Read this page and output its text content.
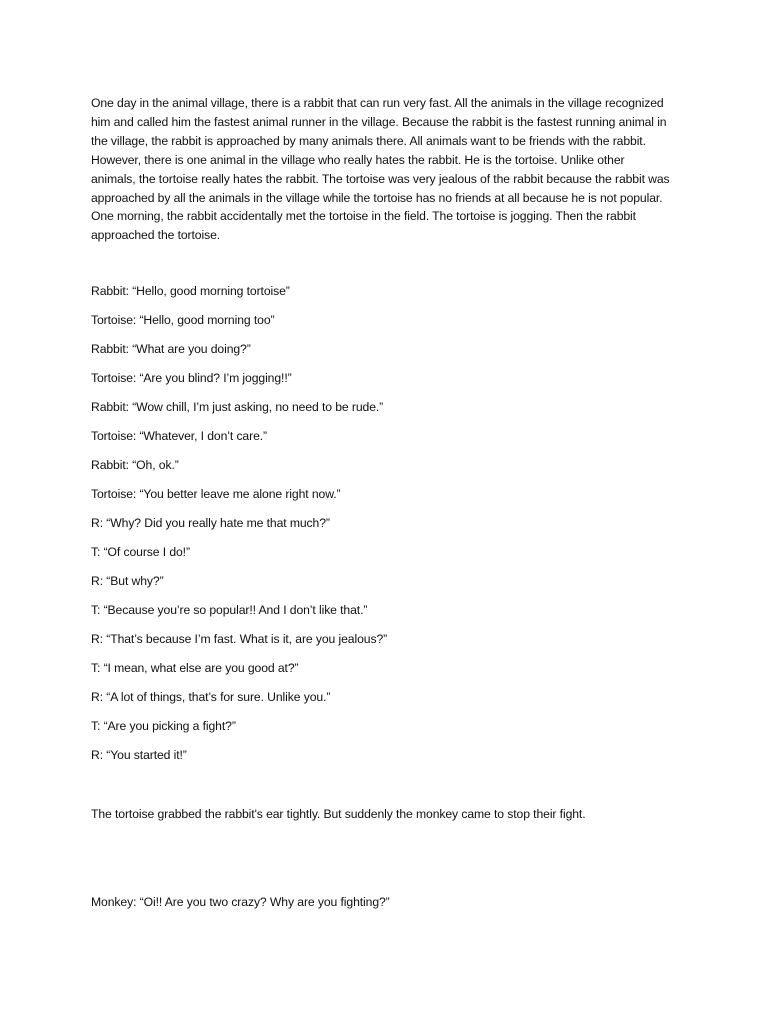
One day in the animal village, there is a rabbit that can run very fast. All the animals in the village recognized him and called him the fastest animal runner in the village. Because the rabbit is the fastest running animal in the village, the rabbit is approached by many animals there. All animals want to be friends with the rabbit. However, there is one animal in the village who really hates the rabbit. He is the tortoise. Unlike other animals, the tortoise really hates the rabbit. The tortoise was very jealous of the rabbit because the rabbit was approached by all the animals in the village while the tortoise has no friends at all because he is not popular. One morning, the rabbit accidentally met the tortoise in the field. The tortoise is jogging. Then the rabbit approached the tortoise.
Rabbit: “Hello, good morning tortoise”
Tortoise: “Hello, good morning too”
Rabbit: “What are you doing?”
Tortoise: “Are you blind? I’m jogging!!”
Rabbit: “Wow chill, I’m just asking, no need to be rude.”
Tortoise: “Whatever, I don’t care.”
Rabbit: “Oh, ok.”
Tortoise: “You better leave me alone right now.”
R: “Why? Did you really hate me that much?”
T: “Of course I do!”
R: “But why?”
T: “Because you’re so popular!! And I don’t like that.”
R: “That’s because I’m fast. What is it, are you jealous?”
T: “I mean, what else are you good at?”
R: “A lot of things, that’s for sure. Unlike you.”
T: “Are you picking a fight?”
R: “You started it!”
The tortoise grabbed the rabbit's ear tightly. But suddenly the monkey came to stop their fight.
Monkey: “Oi!! Are you two crazy? Why are you fighting?”
